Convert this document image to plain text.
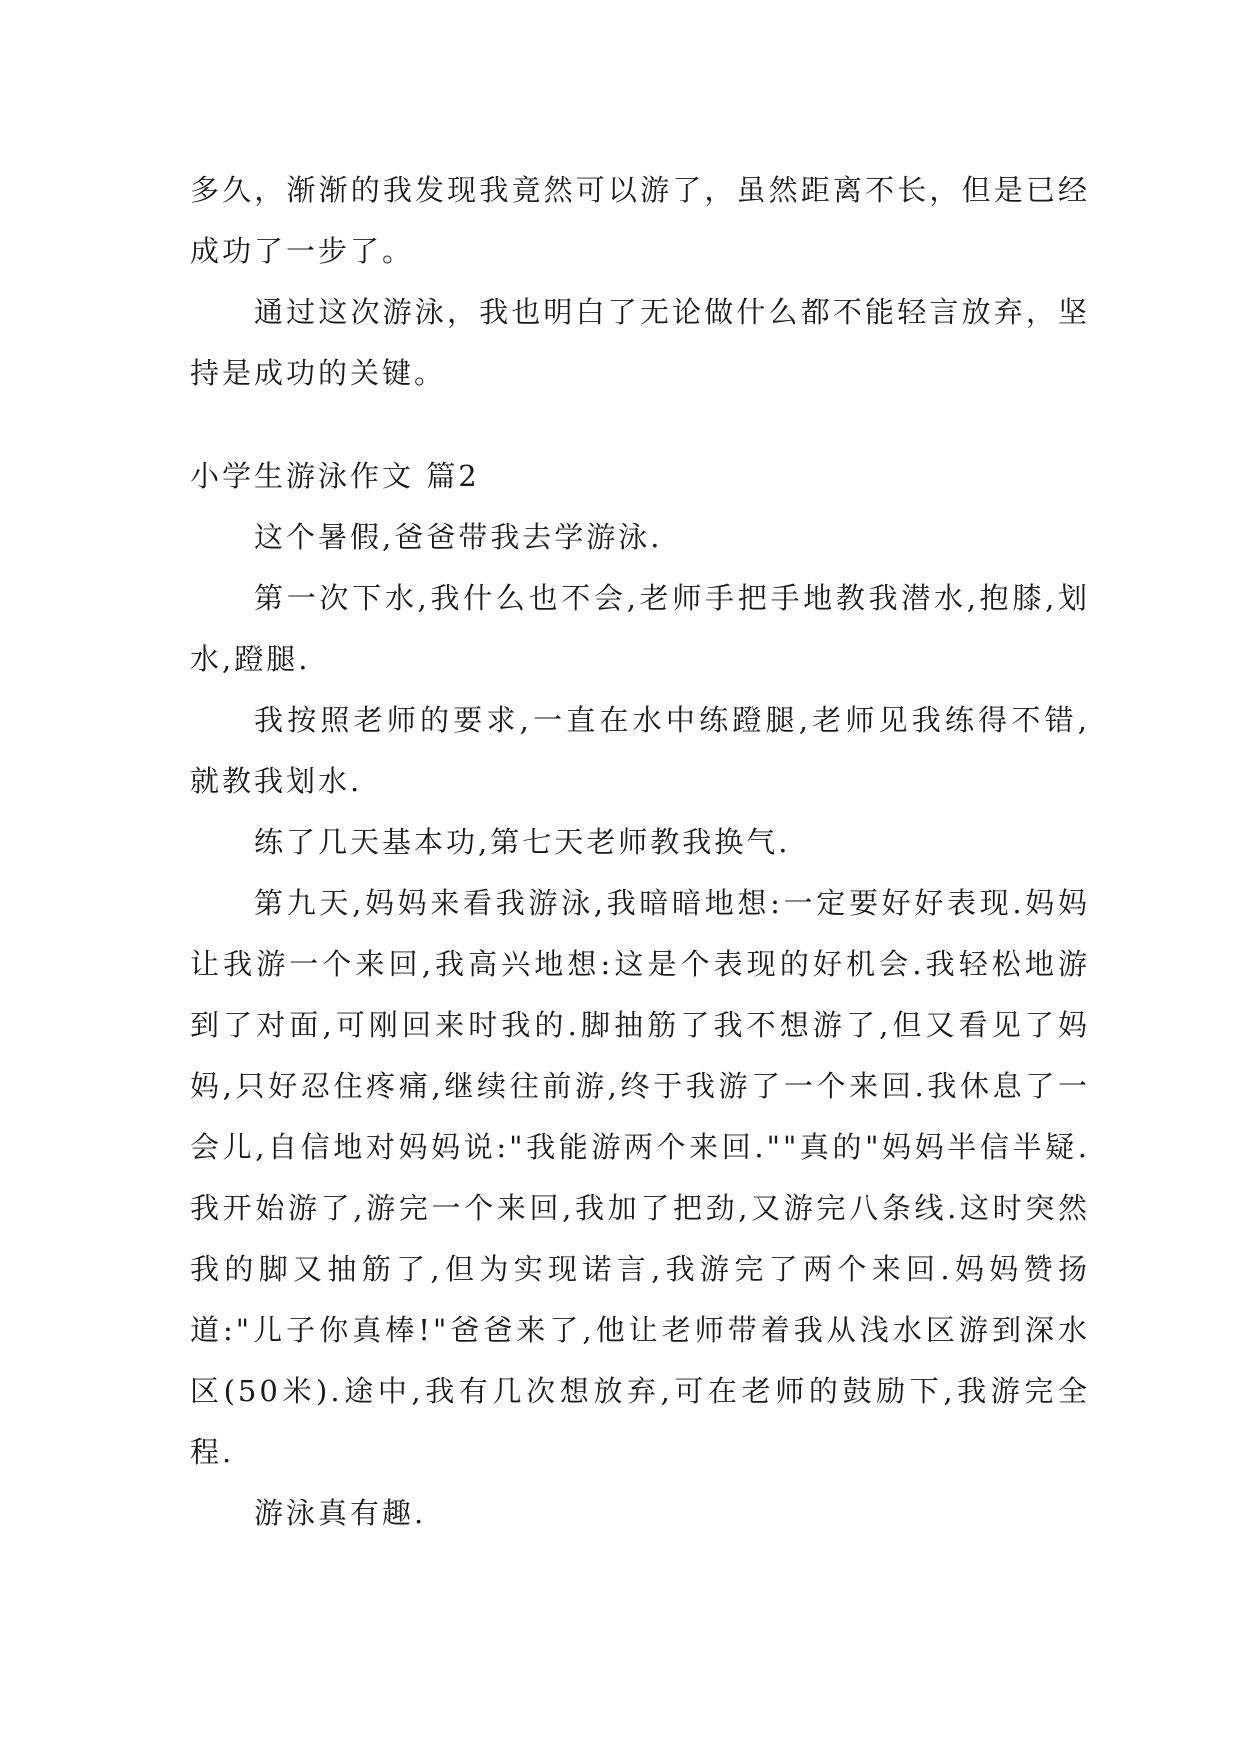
多久，渐渐的我发现我竟然可以游了，虽然距离不长，但是已经成功了一步了。

通过这次游泳，我也明白了无论做什么都不能轻言放弃，坚持是成功的关键。

小学生游泳作文 篇2

这个暑假,爸爸带我去学游泳.

第一次下水,我什么也不会,老师手把手地教我潜水,抱膝,划水,蹬腿.

我按照老师的要求,一直在水中练蹬腿,老师见我练得不错,就教我划水.

练了几天基本功,第七天老师教我换气.

第九天,妈妈来看我游泳,我暗暗地想:一定要好好表现.妈妈让我游一个来回,我高兴地想:这是个表现的好机会.我轻松地游到了对面,可刚回来时我的.脚抽筋了我不想游了,但又看见了妈妈,只好忍住疼痛,继续往前游,终于我游了一个来回.我休息了一会儿,自信地对妈妈说:"我能游两个来回.""真的"妈妈半信半疑.我开始游了,游完一个来回,我加了把劲,又游完八条线.这时突然我的脚又抽筋了,但为实现诺言,我游完了两个来回.妈妈赞扬道:"儿子你真棒!"爸爸来了,他让老师带着我从浅水区游到深水区(50米).途中,我有几次想放弃,可在老师的鼓励下,我游完全程.

游泳真有趣.
